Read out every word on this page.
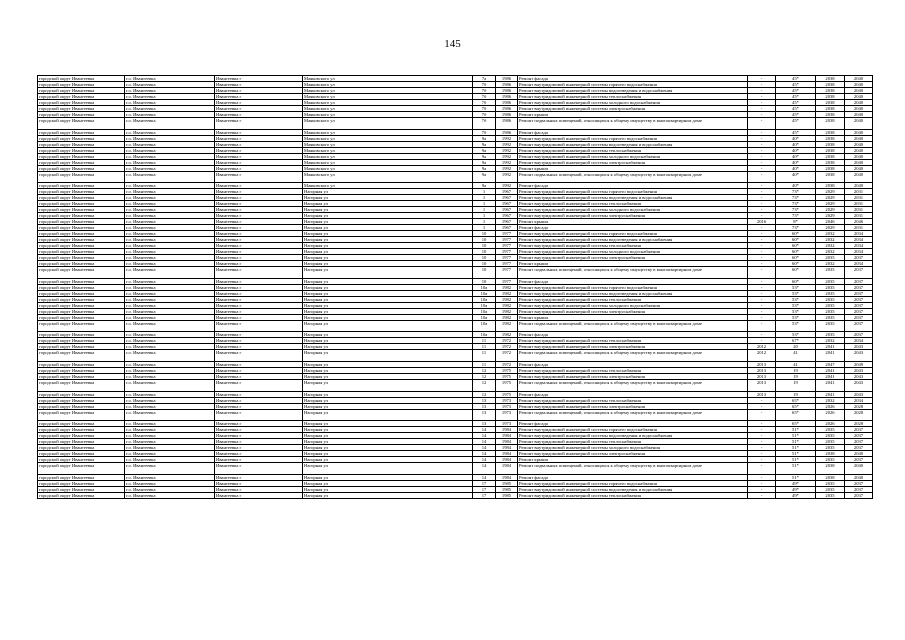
145
городской округ Ивантеевка	г.о. Ивантеевка	Ивантеевка г	Маяковского ул	7а	1986	Ремонт фасада	-	45*	2038	2040
городской округ Ивантеевка	г.о. Ивантеевка	Ивантеевка г	Маяковского ул	7б	1986	Ремонт внутридомовой инженерной системы горячего водоснабжения	-	45*	2038	2040
городской округ Ивантеевка	г.о. Ивантеевка	Ивантеевка г	Маяковского ул	7б	1986	Ремонт внутридомовой инженерной системы водоотведения и водоснабжения	-	45*	2038	2040
городской округ Ивантеевка	г.о. Ивантеевка	Ивантеевка г	Маяковского ул	7б	1986	Ремонт внутридомовой инженерной системы теплоснабжения	-	45*	2038	2040
городской округ Ивантеевка	г.о. Ивантеевка	Ивантеевка г	Маяковского ул	7б	1986	Ремонт внутридомовой инженерной системы холодного водоснабжения	-	45*	2038	2040
городской округ Ивантеевка	г.о. Ивантеевка	Ивантеевка г	Маяковского ул	7б	1986	Ремонт внутридомовой инженерной системы электроснабжения	-	45*	2038	2040
городской округ Ивантеевка	г.о. Ивантеевка	Ивантеевка г	Маяковского ул	7б	1986	Ремонт крыши	-	45*	2038	2040
городской округ Ивантеевка	г.о. Ивантеевка	Ивантеевка г	Маяковского ул	7б	1986	Ремонт подвальных помещений, относящихся к общему имуществу в многоквартирном доме	-	45*	2038	2040
городской округ Ивантеевка	г.о. Ивантеевка	Ивантеевка г	Маяковского ул	7б	1986	Ремонт фасада	-	45*	2038	2040
городской округ Ивантеевка	г.о. Ивантеевка	Ивантеевка г	Маяковского ул	9а	1992	Ремонт внутридомовой инженерной системы горячего водоснабжения	-	40*	2038	2040
городской округ Ивантеевка	г.о. Ивантеевка	Ивантеевка г	Маяковского ул	9а	1992	Ремонт внутридомовой инженерной системы водоотведения и водоснабжения	-	40*	2038	2040
городской округ Ивантеевка	г.о. Ивантеевка	Ивантеевка г	Маяковского ул	9а	1992	Ремонт внутридомовой инженерной системы теплоснабжения	-	40*	2038	2040
городской округ Ивантеевка	г.о. Ивантеевка	Ивантеевка г	Маяковского ул	9а	1992	Ремонт внутридомовой инженерной системы холодного водоснабжения	-	40*	2038	2040
городской округ Ивантеевка	г.о. Ивантеевка	Ивантеевка г	Маяковского ул	9а	1992	Ремонт внутридомовой инженерной системы электроснабжения	-	40*	2038	2040
городской округ Ивантеевка	г.о. Ивантеевка	Ивантеевка г	Маяковского ул	9а	1992	Ремонт крыши	-	40*	2038	2040
городской округ Ивантеевка	г.о. Ивантеевка	Ивантеевка г	Маяковского ул	9а	1992	Ремонт подвальных помещений, относящихся к общему имуществу в многоквартирном доме	-	40*	2038	2040
городской округ Ивантеевка	г.о. Ивантеевка	Ивантеевка г	Маяковского ул	9а	1992	Ремонт фасада	-	40*	2038	2040
городской округ Ивантеевка	г.о. Ивантеевка	Ивантеевка г	Нагорная ул	1	1967	Ремонт внутридомовой инженерной системы горячего водоснабжения	-	73*	2029	2031
городской округ Ивантеевка	г.о. Ивантеевка	Ивантеевка г	Нагорная ул	1	1967	Ремонт внутридомовой инженерной системы водоотведения и водоснабжения	-	73*	2029	2031
городской округ Ивантеевка	г.о. Ивантеевка	Ивантеевка г	Нагорная ул	1	1967	Ремонт внутридомовой инженерной системы теплоснабжения	-	73*	2029	2031
городской округ Ивантеевка	г.о. Ивантеевка	Ивантеевка г	Нагорная ул	1	1967	Ремонт внутридомовой инженерной системы холодного водоснабжения	-	73*	2029	2031
городской округ Ивантеевка	г.о. Ивантеевка	Ивантеевка г	Нагорная ул	1	1967	Ремонт внутридомовой инженерной системы электроснабжения	-	73*	2029	2031
городской округ Ивантеевка	г.о. Ивантеевка	Ивантеевка г	Нагорная ул	1	1967	Ремонт крыши	2016	8*	2046	2046
городской округ Ивантеевка	г.о. Ивантеевка	Ивантеевка г	Нагорная ул	1	1967	Ремонт фасада	-	73*	2029	2031
городской округ Ивантеевка	г.о. Ивантеевка	Ивантеевка г	Нагорная ул	10	1977	Ремонт внутридомовой инженерной системы горячего водоснабжения	-	60*	2032	2034
городской округ Ивантеевка	г.о. Ивантеевка	Ивантеевка г	Нагорная ул	10	1977	Ремонт внутридомовой инженерной системы водоотведения и водоснабжения	-	60*	2032	2034
городской округ Ивантеевка	г.о. Ивантеевка	Ивантеевка г	Нагорная ул	10	1977	Ремонт внутридомовой инженерной системы теплоснабжения	-	60*	2032	2034
городской округ Ивантеевка	г.о. Ивантеевка	Ивантеевка г	Нагорная ул	10	1977	Ремонт внутридомовой инженерной системы холодного водоснабжения	-	60*	2032	2034
городской округ Ивантеевка	г.о. Ивантеевка	Ивантеевка г	Нагорная ул	10	1977	Ремонт внутридомовой инженерной системы электроснабжения	-	60*	2035	2037
городской округ Ивантеевка	г.о. Ивантеевка	Ивантеевка г	Нагорная ул	10	1977	Ремонт крыши	-	60*	2032	2034
городской округ Ивантеевка	г.о. Ивантеевка	Ивантеевка г	Нагорная ул	10	1977	Ремонт подвальных помещений, относящихся к общему имуществу в многоквартирном доме	-	60*	2035	2037
городской округ Ивантеевка	г.о. Ивантеевка	Ивантеевка г	Нагорная ул	10	1977	Ремонт фасада	-	60*	2035	2037
городской округ Ивантеевка	г.о. Ивантеевка	Ивантеевка г	Нагорная ул	10а	1982	Ремонт внутридомовой инженерной системы горячего водоснабжения	-	53*	2035	2037
городской округ Ивантеевка	г.о. Ивантеевка	Ивантеевка г	Нагорная ул	10а	1982	Ремонт внутридомовой инженерной системы водоотведения и водоснабжения	-	53*	2035	2037
городской округ Ивантеевка	г.о. Ивантеевка	Ивантеевка г	Нагорная ул	10а	1982	Ремонт внутридомовой инженерной системы теплоснабжения	-	53*	2035	2037
городской округ Ивантеевка	г.о. Ивантеевка	Ивантеевка г	Нагорная ул	10а	1982	Ремонт внутридомовой инженерной системы холодного водоснабжения	-	53*	2035	2037
городской округ Ивантеевка	г.о. Ивантеевка	Ивантеевка г	Нагорная ул	10а	1982	Ремонт внутридомовой инженерной системы электроснабжения	-	53*	2035	2037
городской округ Ивантеевка	г.о. Ивантеевка	Ивантеевка г	Нагорная ул	10а	1982	Ремонт крыши	-	53*	2035	2037
городской округ Ивантеевка	г.о. Ивантеевка	Ивантеевка г	Нагорная ул	10а	1982	Ремонт подвальных помещений, относящихся к общему имуществу в многоквартирном доме	-	53*	2035	2037
городской округ Ивантеевка	г.о. Ивантеевка	Ивантеевка г	Нагорная ул	10а	1982	Ремонт фасада	-	53*	2035	2037
городской округ Ивантеевка	г.о. Ивантеевка	Ивантеевка г	Нагорная ул	11	1972	Ремонт внутридомовой инженерной системы теплоснабжения	-	67*	2032	2034
городской округ Ивантеевка	г.о. Ивантеевка	Ивантеевка г	Нагорная ул	11	1972	Ремонт внутридомовой инженерной системы электроснабжения	2012	20	2041	2043
городской округ Ивантеевка	г.о. Ивантеевка	Ивантеевка г	Нагорная ул	11	1972	Ремонт подвальных помещений, относящихся к общему имуществу в многоквартирном доме	2012	41	2041	2043
городской округ Ивантеевка	г.о. Ивантеевка	Ивантеевка г	Нагорная ул	11	1972	Ремонт фасада	2013	41	2047	2049
городской округ Ивантеевка	г.о. Ивантеевка	Ивантеевка г	Нагорная ул	12	1975	Ремонт внутридомовой инженерной системы теплоснабжения	2013	19	2041	2043
городской округ Ивантеевка	г.о. Ивантеевка	Ивантеевка г	Нагорная ул	12	1975	Ремонт внутридомовой инженерной системы электроснабжения	2013	19	2041	2043
городской округ Ивантеевка	г.о. Ивантеевка	Ивантеевка г	Нагорная ул	12	1975	Ремонт подвальных помещений, относящихся к общему имуществу в многоквартирном доме	2013	19	2041	2043
городской округ Ивантеевка	г.о. Ивантеевка	Ивантеевка г	Нагорная ул	12	1975	Ремонт фасада	2013	19	2041	2043
городской округ Ивантеевка	г.о. Ивантеевка	Ивантеевка г	Нагорная ул	13	1973	Ремонт внутридомовой инженерной системы теплоснабжения	-	65*	2032	2034
городской округ Ивантеевка	г.о. Ивантеевка	Ивантеевка г	Нагорная ул	13	1973	Ремонт внутридомовой инженерной системы электроснабжения	-	65*	2026	2028
городской округ Ивантеевка	г.о. Ивантеевка	Ивантеевка г	Нагорная ул	13	1973	Ремонт подвальных помещений, относящихся к общему имуществу в многоквартирном доме	-	65*	2026	2028
городской округ Ивантеевка	г.о. Ивантеевка	Ивантеевка г	Нагорная ул	13	1973	Ремонт фасада	-	65*	2026	2028
городской округ Ивантеевка	г.о. Ивантеевка	Ивантеевка г	Нагорная ул	14	1984	Ремонт внутридомовой инженерной системы горячего водоснабжения	-	51*	2035	2037
городской округ Ивантеевка	г.о. Ивантеевка	Ивантеевка г	Нагорная ул	14	1984	Ремонт внутридомовой инженерной системы водоотведения и водоснабжения	-	51*	2035	2037
городской округ Ивантеевка	г.о. Ивантеевка	Ивантеевка г	Нагорная ул	14	1984	Ремонт внутридомовой инженерной системы теплоснабжения	-	51*	2035	2037
городской округ Ивантеевка	г.о. Ивантеевка	Ивантеевка г	Нагорная ул	14	1984	Ремонт внутридомовой инженерной системы холодного водоснабжения	-	51*	2035	2037
городской округ Ивантеевка	г.о. Ивантеевка	Ивантеевка г	Нагорная ул	14	1984	Ремонт внутридомовой инженерной системы электроснабжения	-	51*	2038	2040
городской округ Ивантеевка	г.о. Ивантеевка	Ивантеевка г	Нагорная ул	14	1984	Ремонт крыши	-	51*	2035	2037
городской округ Ивантеевка	г.о. Ивантеевка	Ивантеевка г	Нагорная ул	14	1984	Ремонт подвальных помещений, относящихся к общему имуществу в многоквартирном доме	-	51*	2038	2040
городской округ Ивантеевка	г.о. Ивантеевка	Ивантеевка г	Нагорная ул	14	1984	Ремонт фасада	-	51*	2038	2040
городской округ Ивантеевка	г.о. Ивантеевка	Ивантеевка г	Нагорная ул	17	1985	Ремонт внутридомовой инженерной системы горячего водоснабжения	-	49*	2035	2037
городской округ Ивантеевка	г.о. Ивантеевка	Ивантеевка г	Нагорная ул	17	1985	Ремонт внутридомовой инженерной системы водоотведения и водоснабжения	-	49*	2035	2037
городской округ Ивантеевка	г.о. Ивантеевка	Ивантеевка г	Нагорная ул	17	1985	Ремонт внутридомовой инженерной системы теплоснабжения	-	49*	2035	2037
